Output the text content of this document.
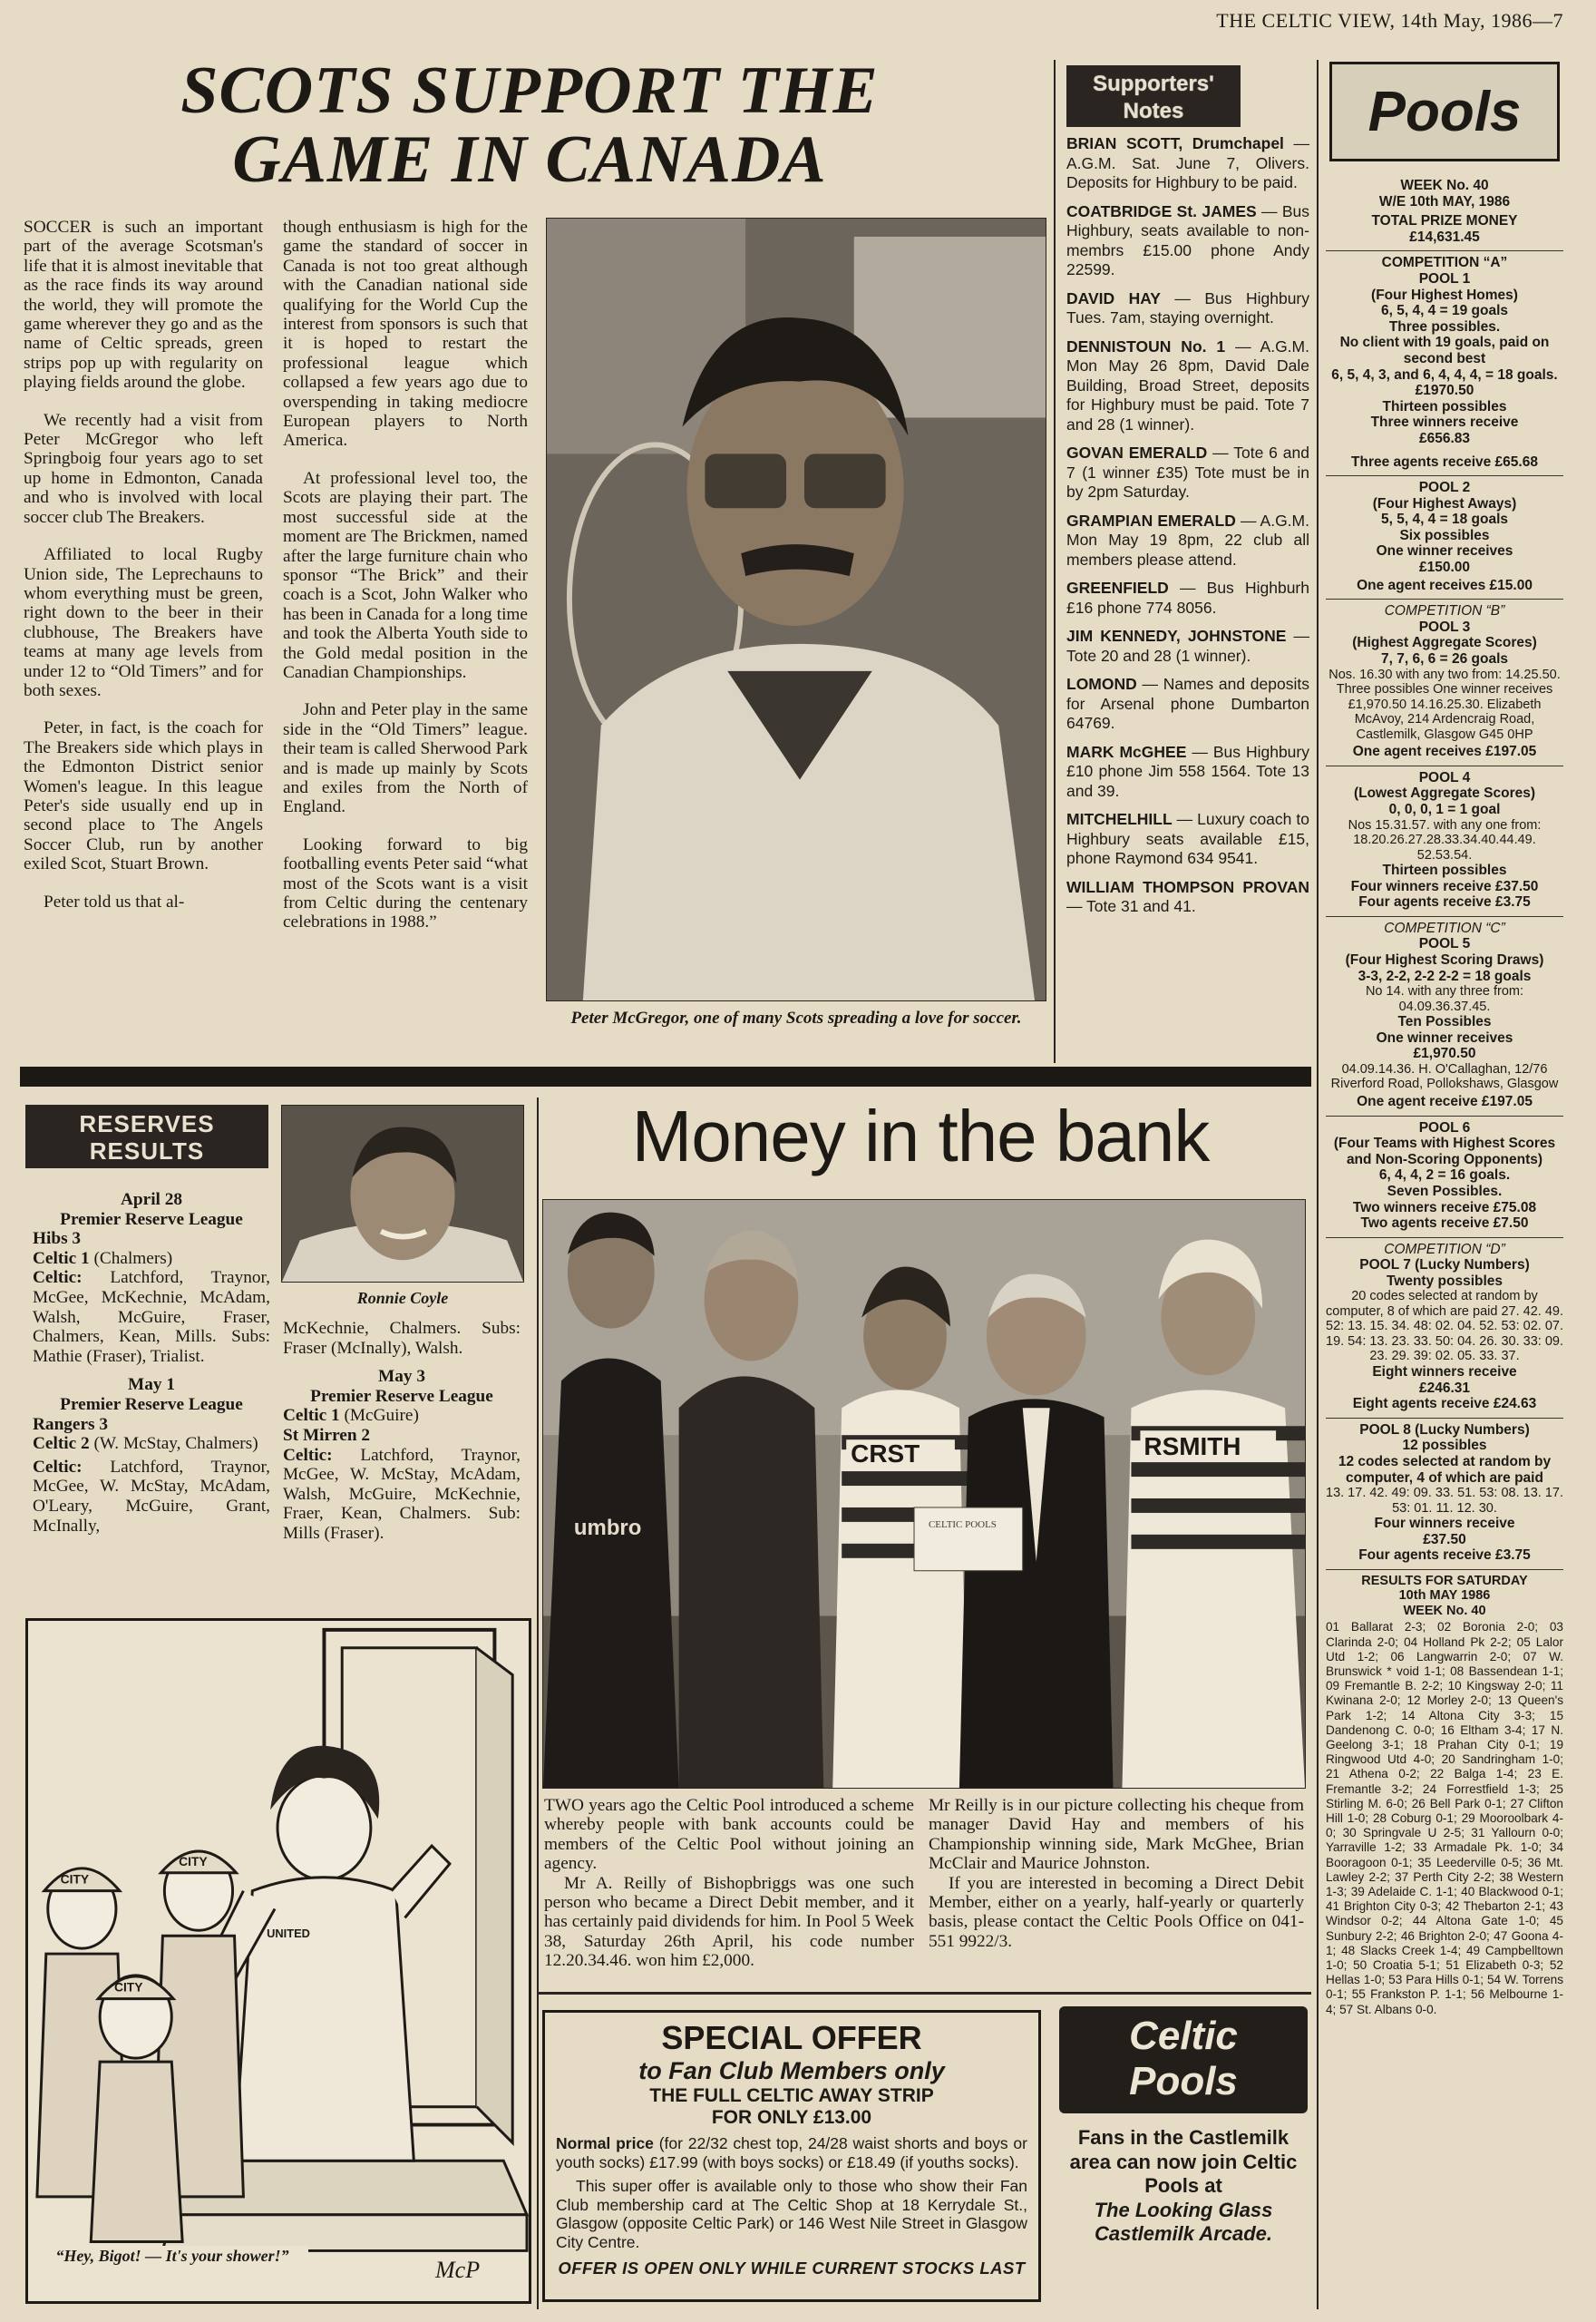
THE CELTIC VIEW, 14th May, 1986—7
SCOTS SUPPORT THE
GAME IN CANADA

SOCCER is such an important part of the average Scotsman's life that it is almost inevitable that as the race finds its way around the world, they will promote the game wherever they go and as the name of Celtic spreads, green strips pop up with regularity on playing fields around the globe.

We recently had a visit from Peter McGregor who left Springboig four years ago to set up home in Edmonton, Canada and who is involved with local soccer club The Breakers.

Affiliated to local Rugby Union side, The Leprechauns to whom everything must be green, right down to the beer in their clubhouse, The Breakers have teams at many age levels from under 12 to “Old Timers” and for both sexes.

Peter, in fact, is the coach for The Breakers side which plays in the Edmonton District senior Women's league. In this league Peter's side usually end up in second place to The Angels Soccer Club, run by another exiled Scot, Stuart Brown.

Peter told us that al-

though enthusiasm is high for the game the standard of soccer in Canada is not too great although with the Canadian national side qualifying for the World Cup the interest from sponsors is such that it is hoped to restart the professional league which collapsed a few years ago due to overspending in taking mediocre European players to North America.

At professional level too, the Scots are playing their part. The most successful side at the moment are The Brickmen, named after the large furniture chain who sponsor “The Brick” and their coach is a Scot, John Walker who has been in Canada for a long time and took the Alberta Youth side to the Gold medal position in the Canadian Championships.

John and Peter play in the same side in the “Old Timers” league. their team is called Sherwood Park and is made up mainly by Scots and exiles from the North of England.

Looking forward to big footballing events Peter said “what most of the Scots want is a visit from Celtic during the centenary celebrations in 1988.”

Peter McGregor, one of many Scots spreading a love for soccer.
Supporters'
Notes
BRIAN SCOTT, Drumchapel — A.G.M. Sat. June 7, Olivers. Deposits for Highbury to be paid.
COATBRIDGE St. JAMES — Bus Highbury, seats available to non-membrs £15.00 phone Andy 22599.
DAVID HAY — Bus Highbury Tues. 7am, staying overnight.
DENNISTOUN No. 1 — A.G.M. Mon May 26 8pm, David Dale Building, Broad Street, deposits for Highbury must be paid. Tote 7 and 28 (1 winner).
GOVAN EMERALD — Tote 6 and 7 (1 winner £35) Tote must be in by 2pm Saturday.
GRAMPIAN EMERALD — A.G.M. Mon May 19 8pm, 22 club all members please attend.
GREENFIELD — Bus Highburh £16 phone 774 8056.
JIM KENNEDY, JOHNSTONE — Tote 20 and 28 (1 winner).
LOMOND — Names and deposits for Arsenal phone Dumbarton 64769.
MARK McGHEE — Bus Highbury £10 phone Jim 558 1564. Tote 13 and 39.
MITCHELHILL — Luxury coach to Highbury seats available £15, phone Raymond 634 9541.
WILLIAM THOMPSON PROVAN — Tote 31 and 41.
Pools
WEEK No. 40
W/E 10th MAY, 1986
TOTAL PRIZE MONEY
£14,631.45
COMPETITION “A”
POOL 1
(Four Highest Homes)
6, 5, 4, 4 = 19 goals
Three possibles.
No client with 19 goals, paid on second best
6, 5, 4, 3, and 6, 4, 4, 4, = 18 goals.
£1970.50
Thirteen possibles
Three winners receive
£656.83
Three agents receive £65.68
POOL 2
(Four Highest Aways)
5, 5, 4, 4 = 18 goals
Six possibles
One winner receives
£150.00
One agent receives £15.00
COMPETITION “B”
POOL 3
(Highest Aggregate Scores)
7, 7, 6, 6 = 26 goals
Nos. 16.30 with any two from: 14.25.50. Three possibles One winner receives £1,970.50 14.16.25.30. Elizabeth McAvoy, 214 Ardencraig Road, Castlemilk, Glasgow G45 0HP
One agent receives £197.05
POOL 4
(Lowest Aggregate Scores)
0, 0, 0, 1 = 1 goal
Nos 15.31.57. with any one from: 18.20.26.27.28.33.34.40.44.49. 52.53.54.
Thirteen possibles
Four winners receive £37.50
Four agents receive £3.75
COMPETITION “C”
POOL 5
(Four Highest Scoring Draws)
3-3, 2-2, 2-2 2-2 = 18 goals
No 14. with any three from: 04.09.36.37.45.
Ten Possibles
One winner receives
£1,970.50
04.09.14.36. H. O'Callaghan, 12/76 Riverford Road, Pollokshaws, Glasgow
One agent receive £197.05
POOL 6
(Four Teams with Highest Scores and Non-Scoring Opponents)
6, 4, 4, 2 = 16 goals.
Seven Possibles.
Two winners receive £75.08
Two agents receive £7.50
COMPETITION “D”
POOL 7 (Lucky Numbers)
Twenty possibles
20 codes selected at random by computer, 8 of which are paid 27. 42. 49. 52: 13. 15. 34. 48: 02. 04. 52. 53: 02. 07. 19. 54: 13. 23. 33. 50: 04. 26. 30. 33: 09. 23. 29. 39: 02. 05. 33. 37.
Eight winners receive
£246.31
Eight agents receive £24.63
POOL 8 (Lucky Numbers)
12 possibles
12 codes selected at random by computer, 4 of which are paid
13. 17. 42. 49: 09. 33. 51. 53: 08. 13. 17. 53: 01. 11. 12. 30.
Four winners receive
£37.50
Four agents receive £3.75
RESULTS FOR SATURDAY
10th MAY 1986
WEEK No. 40
01 Ballarat 2-3; 02 Boronia 2-0; 03 Clarinda 2-0; 04 Holland Pk 2-2; 05 Lalor Utd 1-2; 06 Langwarrin 2-0; 07 W. Brunswick * void 1-1; 08 Bassendean 1-1; 09 Fremantle B. 2-2; 10 Kingsway 2-0; 11 Kwinana 2-0; 12 Morley 2-0; 13 Queen's Park 1-2; 14 Altona City 3-3; 15 Dandenong C. 0-0; 16 Eltham 3-4; 17 N. Geelong 3-1; 18 Prahan City 0-1; 19 Ringwood Utd 4-0; 20 Sandringham 1-0; 21 Athena 0-2; 22 Balga 1-4; 23 E. Fremantle 3-2; 24 Forrestfield 1-3; 25 Stirling M. 6-0; 26 Bell Park 0-1; 27 Clifton Hill 1-0; 28 Coburg 0-1; 29 Mooroolbark 4-0; 30 Springvale U 2-5; 31 Yallourn 0-0; Yarraville 1-2; 33 Armadale Pk. 1-0; 34 Booragoon 0-1; 35 Leederville 0-5; 36 Mt. Lawley 2-2; 37 Perth City 2-2; 38 Western 1-3; 39 Adelaide C. 1-1; 40 Blackwood 0-1; 41 Brighton City 0-3; 42 Thebarton 2-1; 43 Windsor 0-2; 44 Altona Gate 1-0; 45 Sunbury 2-2; 46 Brighton 2-0; 47 Goona 4-1; 48 Slacks Creek 1-4; 49 Campbelltown 1-0; 50 Croatia 5-1; 51 Elizabeth 0-3; 52 Hellas 1-0; 53 Para Hills 0-1; 54 W. Torrens 0-1; 55 Frankston P. 1-1; 56 Melbourne 1-4; 57 St. Albans 0-0.
RESERVES
RESULTS
Ronnie Coyle
April 28
Premier Reserve League
Hibs 3
Celtic 1 (Chalmers)
Celtic: Latchford, Traynor, McGee, McKechnie, McAdam, Walsh, McGuire, Fraser, Chalmers, Kean, Mills. Subs: Mathie (Fraser), Trialist.
May 1
Premier Reserve League
Rangers 3
Celtic 2 (W. McStay, Chalmers)
Celtic: Latchford, Traynor, McGee, W. McStay, McAdam, O'Leary, McGuire, Grant, McInally,
McKechnie, Chalmers. Subs: Fraser (McInally), Walsh.
May 3
Premier Reserve League
Celtic 1 (McGuire)
St Mirren 2
Celtic: Latchford, Traynor, McGee, W. McStay, McAdam, Walsh, McGuire, McKechnie, Fraer, Kean, Chalmers. Sub: Mills (Fraser).
Money in the bank
umbro
CRST
CELTIC POOLS
RSMITH

TWO years ago the Celtic Pool introduced a scheme whereby people with bank accounts could be members of the Celtic Pool without joining an agency.

Mr A. Reilly of Bishopbriggs was one such person who became a Direct Debit member, and it has certainly paid dividends for him. In Pool 5 Week 38, Saturday 26th April, his code number 12.20.34.46. won him £2,000.

Mr Reilly is in our picture collecting his cheque from manager David Hay and members of his Championship winning side, Mark McGhee, Brian McClair and Maurice Johnston.

If you are interested in becoming a Direct Debit Member, either on a yearly, half-yearly or quarterly basis, please contact the Celtic Pools Office on 041-551 9922/3.

SPECIAL OFFER
to Fan Club Members only
THE FULL CELTIC AWAY STRIP
FOR ONLY £13.00
Normal price (for 22/32 chest top, 24/28 waist shorts and boys or youth socks) £17.99 (with boys socks) or £18.49 (if youths socks).
This super offer is available only to those who show their Fan Club membership card at The Celtic Shop at 18 Kerrydale St., Glasgow (opposite Celtic Park) or 146 West Nile Street in Glasgow City Centre.
OFFER IS OPEN ONLY WHILE CURRENT STOCKS LAST
Celtic
Pools
Fans in the Castlemilk area can now join Celtic Pools at
The Looking Glass Castlemilk Arcade.
CITY
CITY
UNITED
CITY
“Hey, Bigot! — It's your shower!”
McP
